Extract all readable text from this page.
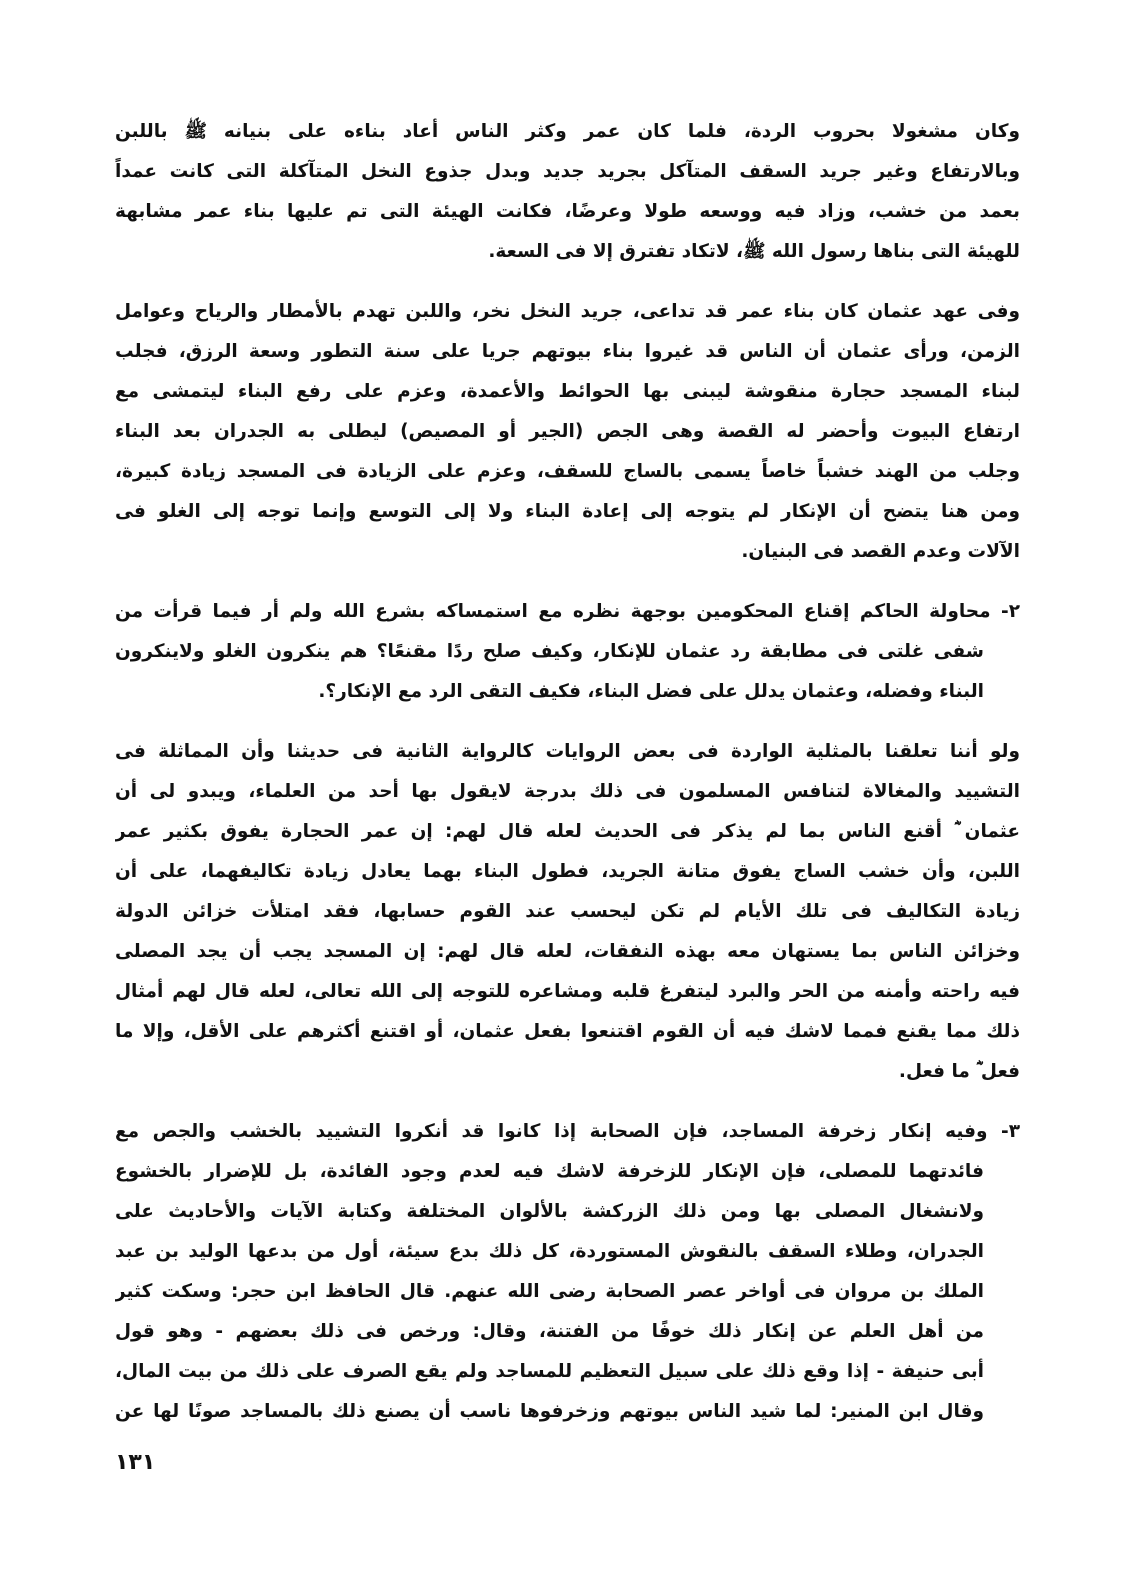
وكان مشغولا بحروب الردة، فلما كان عمر وكثر الناس أعاد بناءه على بنيانه ﷺ باللبن
وبالارتفاع وغير جريد السقف المتآكل بجريد جديد وبدل جذوع النخل المتآكلة التى كانت عمداً
بعمد من خشب، وزاد فيه ووسعه طولا وعرضًا، فكانت الهيئة التى تم عليها بناء عمر مشابهة
للهيئة التى بناها رسول الله ﷺ، لاتكاد تفترق إلا فى السعة.
وفى عهد عثمان كان بناء عمر قد تداعى، جريد النخل نخر، واللبن تهدم بالأمطار والرياح وعوامل
الزمن، ورأى عثمان أن الناس قد غيروا بناء بيوتهم جريا على سنة التطور وسعة الرزق، فجلب
لبناء المسجد حجارة منقوشة ليبنى بها الحوائط والأعمدة، وعزم على رفع البناء ليتمشى مع
ارتفاع البيوت وأحضر له القصة وهى الجص (الجير أو المصيص) ليطلى به الجدران بعد البناء
وجلب من الهند خشباً خاصاً يسمى بالساج للسقف، وعزم على الزيادة فى المسجد زيادة كبيرة،
ومن هنا يتضح أن الإنكار لم يتوجه إلى إعادة البناء ولا إلى التوسع وإنما توجه إلى الغلو فى
الآلات وعدم القصد فى البنيان.
٢- محاولة الحاكم إقناع المحكومين بوجهة نظره مع استمساكه بشرع الله ولم أر فيما قرأت من
شفى غلتى فى مطابقة رد عثمان للإنكار، وكيف صلح ردًا مقنعًا؟ هم ينكرون الغلو ولاينكرون
البناء وفضله، وعثمان يدلل على فضل البناء، فكيف التقى الرد مع الإنكار؟.
ولو أننا تعلقنا بالمثلية الواردة فى بعض الروايات كالرواية الثانية فى حديثنا وأن المماثلة فى
التشييد والمغالاة لتنافس المسلمون فى ذلك بدرجة لايقول بها أحد من العلماء، ويبدو لى أن
عثمان ؓ أقنع الناس بما لم يذكر فى الحديث لعله قال لهم: إن عمر الحجارة يفوق بكثير عمر
اللبن، وأن خشب الساج يفوق متانة الجريد، فطول البناء بهما يعادل زيادة تكاليفهما، على أن
زيادة التكاليف فى تلك الأيام لم تكن ليحسب عند القوم حسابها، فقد امتلأت خزائن الدولة
وخزائن الناس بما يستهان معه بهذه النفقات، لعله قال لهم: إن المسجد يجب أن يجد المصلى
فيه راحته وأمنه من الحر والبرد ليتفرغ قلبه ومشاعره للتوجه إلى الله تعالى، لعله قال لهم أمثال
ذلك مما يقنع فمما لاشك فيه أن القوم اقتنعوا بفعل عثمان، أو اقتنع أكثرهم على الأقل، وإلا ما
فعل ؓ ما فعل.
٣- وفيه إنكار زخرفة المساجد، فإن الصحابة إذا كانوا قد أنكروا التشييد بالخشب والجص مع
فائدتهما للمصلى، فإن الإنكار للزخرفة لاشك فيه لعدم وجود الفائدة، بل للإضرار بالخشوع
ولانشغال المصلى بها ومن ذلك الزركشة بالألوان المختلفة وكتابة الآيات والأحاديث على
الجدران، وطلاء السقف بالنقوش المستوردة، كل ذلك بدع سيئة، أول من بدعها الوليد بن عبد
الملك بن مروان فى أواخر عصر الصحابة رضى الله عنهم. قال الحافظ ابن حجر: وسكت كثير
من أهل العلم عن إنكار ذلك خوفًا من الفتنة، وقال: ورخص فى ذلك بعضهم - وهو قول
أبى حنيفة - إذا وقع ذلك على سبيل التعظيم للمساجد ولم يقع الصرف على ذلك من بيت المال،
وقال ابن المنير: لما شيد الناس بيوتهم وزخرفوها ناسب أن يصنع ذلك بالمساجد صونًا لها عن
١٣١
